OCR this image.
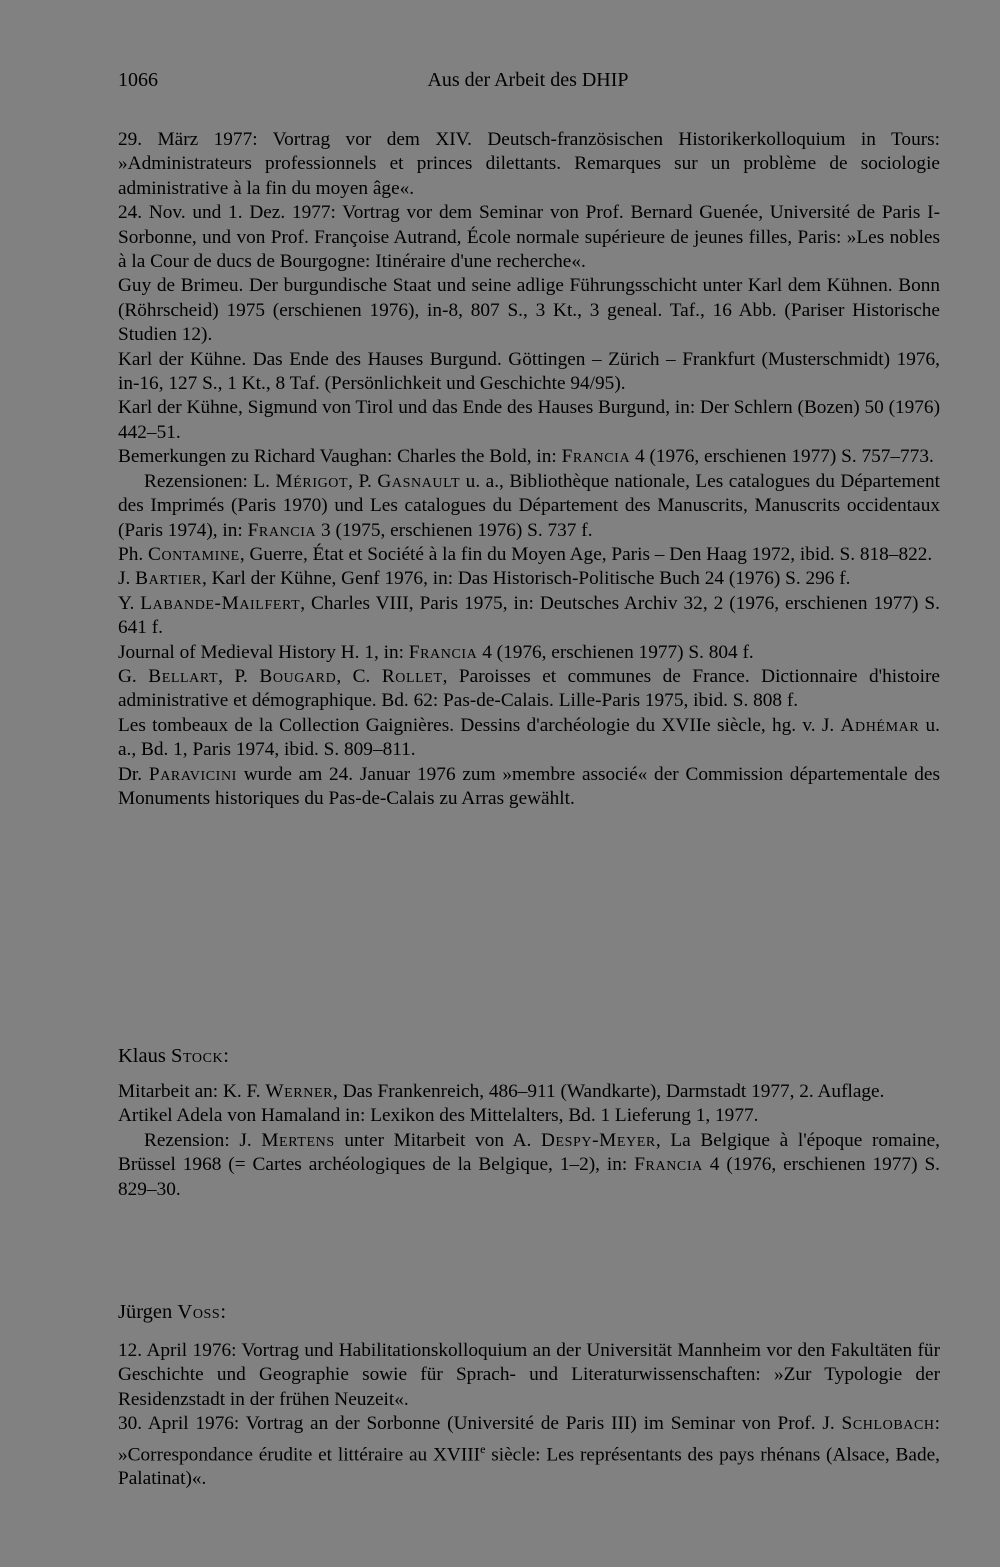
1066	Aus der Arbeit des DHIP
29. März 1977: Vortrag vor dem XIV. Deutsch-französischen Historikerkolloquium in Tours: »Administrateurs professionnels et princes dilettants. Remarques sur un problème de sociologie administrative à la fin du moyen âge«.
24. Nov. und 1. Dez. 1977: Vortrag vor dem Seminar von Prof. Bernard Guenée, Université de Paris I-Sorbonne, und von Prof. Françoise Autrand, École normale supérieure de jeunes filles, Paris: »Les nobles à la Cour de ducs de Bourgogne: Itinéraire d'une recherche«.
Guy de Brimeu. Der burgundische Staat und seine adlige Führungsschicht unter Karl dem Kühnen. Bonn (Röhrscheid) 1975 (erschienen 1976), in-8, 807 S., 3 Kt., 3 geneal. Taf., 16 Abb. (Pariser Historische Studien 12).
Karl der Kühne. Das Ende des Hauses Burgund. Göttingen – Zürich – Frankfurt (Musterschmidt) 1976, in-16, 127 S., 1 Kt., 8 Taf. (Persönlichkeit und Geschichte 94/95).
Karl der Kühne, Sigmund von Tirol und das Ende des Hauses Burgund, in: Der Schlern (Bozen) 50 (1976) 442–51.
Bemerkungen zu Richard Vaughan: Charles the Bold, in: Francia 4 (1976, erschienen 1977) S. 757–773.
Rezensionen: L. Mérigot, P. Gasnault u. a., Bibliothèque nationale, Les catalogues du Département des Imprimés (Paris 1970) und Les catalogues du Département des Manuscrits, Manuscrits occidentaux (Paris 1974), in: Francia 3 (1975, erschienen 1976) S. 737 f.
Ph. Contamine, Guerre, État et Société à la fin du Moyen Age, Paris – Den Haag 1972, ibid. S. 818–822.
J. Bartier, Karl der Kühne, Genf 1976, in: Das Historisch-Politische Buch 24 (1976) S. 296 f.
Y. Labande-Mailfert, Charles VIII, Paris 1975, in: Deutsches Archiv 32, 2 (1976, erschienen 1977) S. 641 f.
Journal of Medieval History H. 1, in: Francia 4 (1976, erschienen 1977) S. 804 f.
G. Bellart, P. Bougard, C. Rollet, Paroisses et communes de France. Dictionnaire d'histoire administrative et démographique. Bd. 62: Pas-de-Calais. Lille-Paris 1975, ibid. S. 808 f.
Les tombeaux de la Collection Gaignières. Dessins d'archéologie du XVIIe siècle, hg. v. J. Adhémar u. a., Bd. 1, Paris 1974, ibid. S. 809–811.
Dr. Paravicini wurde am 24. Januar 1976 zum »membre associé« der Commission départementale des Monuments historiques du Pas-de-Calais zu Arras gewählt.
Klaus Stock:
Mitarbeit an: K. F. Werner, Das Frankenreich, 486–911 (Wandkarte), Darmstadt 1977, 2. Auflage.
Artikel Adela von Hamaland in: Lexikon des Mittelalters, Bd. 1 Lieferung 1, 1977.
Rezension: J. Mertens unter Mitarbeit von A. Despy-Meyer, La Belgique à l'époque romaine, Brüssel 1968 (= Cartes archéologiques de la Belgique, 1–2), in: Francia 4 (1976, erschienen 1977) S. 829–30.
Jürgen Voss:
12. April 1976: Vortrag und Habilitationskolloquium an der Universität Mannheim vor den Fakultäten für Geschichte und Geographie sowie für Sprach- und Literaturwissenschaften: »Zur Typologie der Residenzstadt in der frühen Neuzeit«.
30. April 1976: Vortrag an der Sorbonne (Université de Paris III) im Seminar von Prof. J. Schlobach: »Correspondance érudite et littéraire au XVIIIe siècle: Les représentants des pays rhénans (Alsace, Bade, Palatinat)«.
